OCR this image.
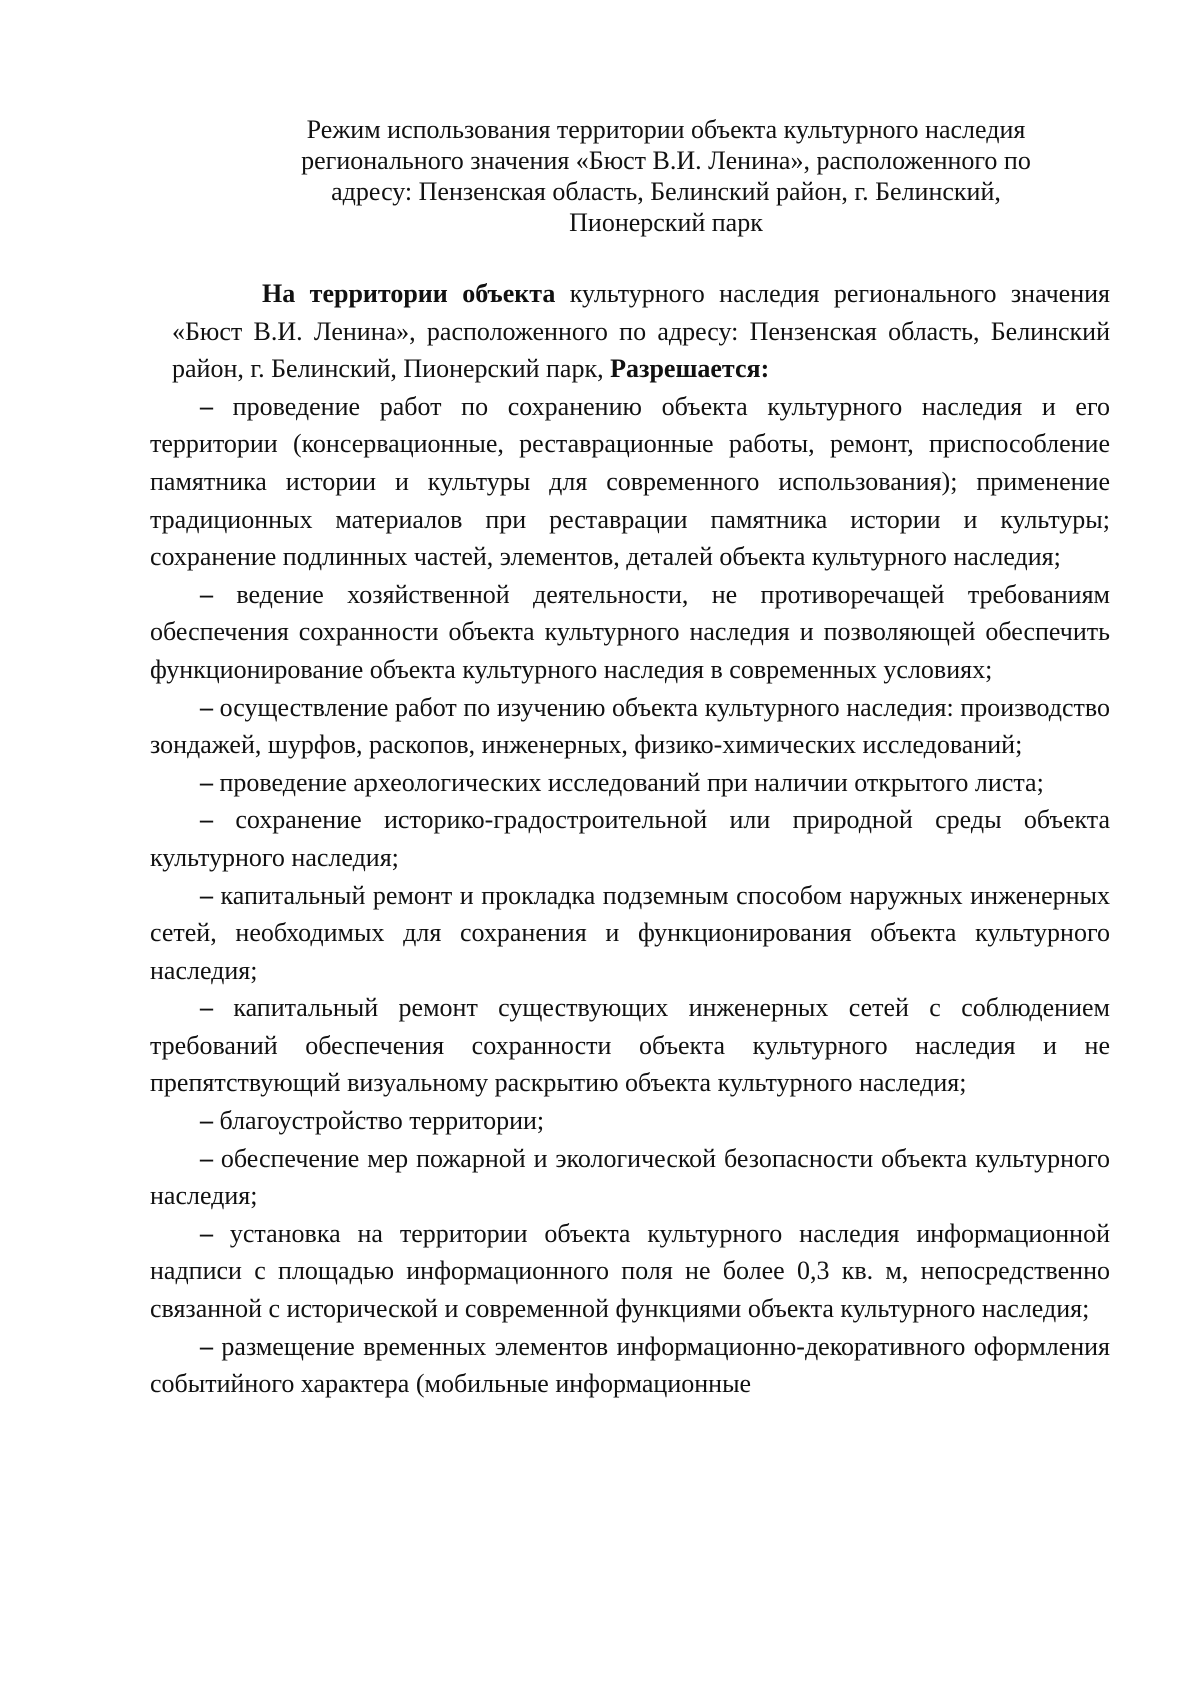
Режим использования территории объекта культурного наследия
регионального значения «Бюст В.И. Ленина», расположенного по
адресу: Пензенская область, Белинский район, г. Белинский,
Пионерский парк

На территории объекта культурного наследия регионального значения «Бюст В.И. Ленина», расположенного по адресу: Пензенская область, Белинский район, г. Белинский, Пионерский парк, Разрешается:

– проведение работ по сохранению объекта культурного наследия и его территории (консервационные, реставрационные работы, ремонт, приспособление памятника истории и культуры для современного использования); применение традиционных материалов при реставрации памятника истории и культуры; сохранение подлинных частей, элементов, деталей объекта культурного наследия;

– ведение хозяйственной деятельности, не противоречащей требованиям обеспечения сохранности объекта культурного наследия и позволяющей обеспечить функционирование объекта культурного наследия в современных условиях;

– осуществление работ по изучению объекта культурного наследия: производство зондажей, шурфов, раскопов, инженерных, физико-химических исследований;

– проведение археологических исследований при наличии открытого листа;

– сохранение историко-градостроительной или природной среды объекта культурного наследия;

– капитальный ремонт и прокладка подземным способом наружных инженерных сетей, необходимых для сохранения и функционирования объекта культурного наследия;

– капитальный ремонт существующих инженерных сетей с соблюдением требований обеспечения сохранности объекта культурного наследия и не препятствующий визуальному раскрытию объекта культурного наследия;

– благоустройство территории;

– обеспечение мер пожарной и экологической безопасности объекта культурного наследия;

– установка на территории объекта культурного наследия информационной надписи с площадью информационного поля не более 0,3 кв. м, непосредственно связанной с исторической и современной функциями объекта культурного наследия;

– размещение временных элементов информационно-декоративного оформления событийного характера (мобильные информационные
